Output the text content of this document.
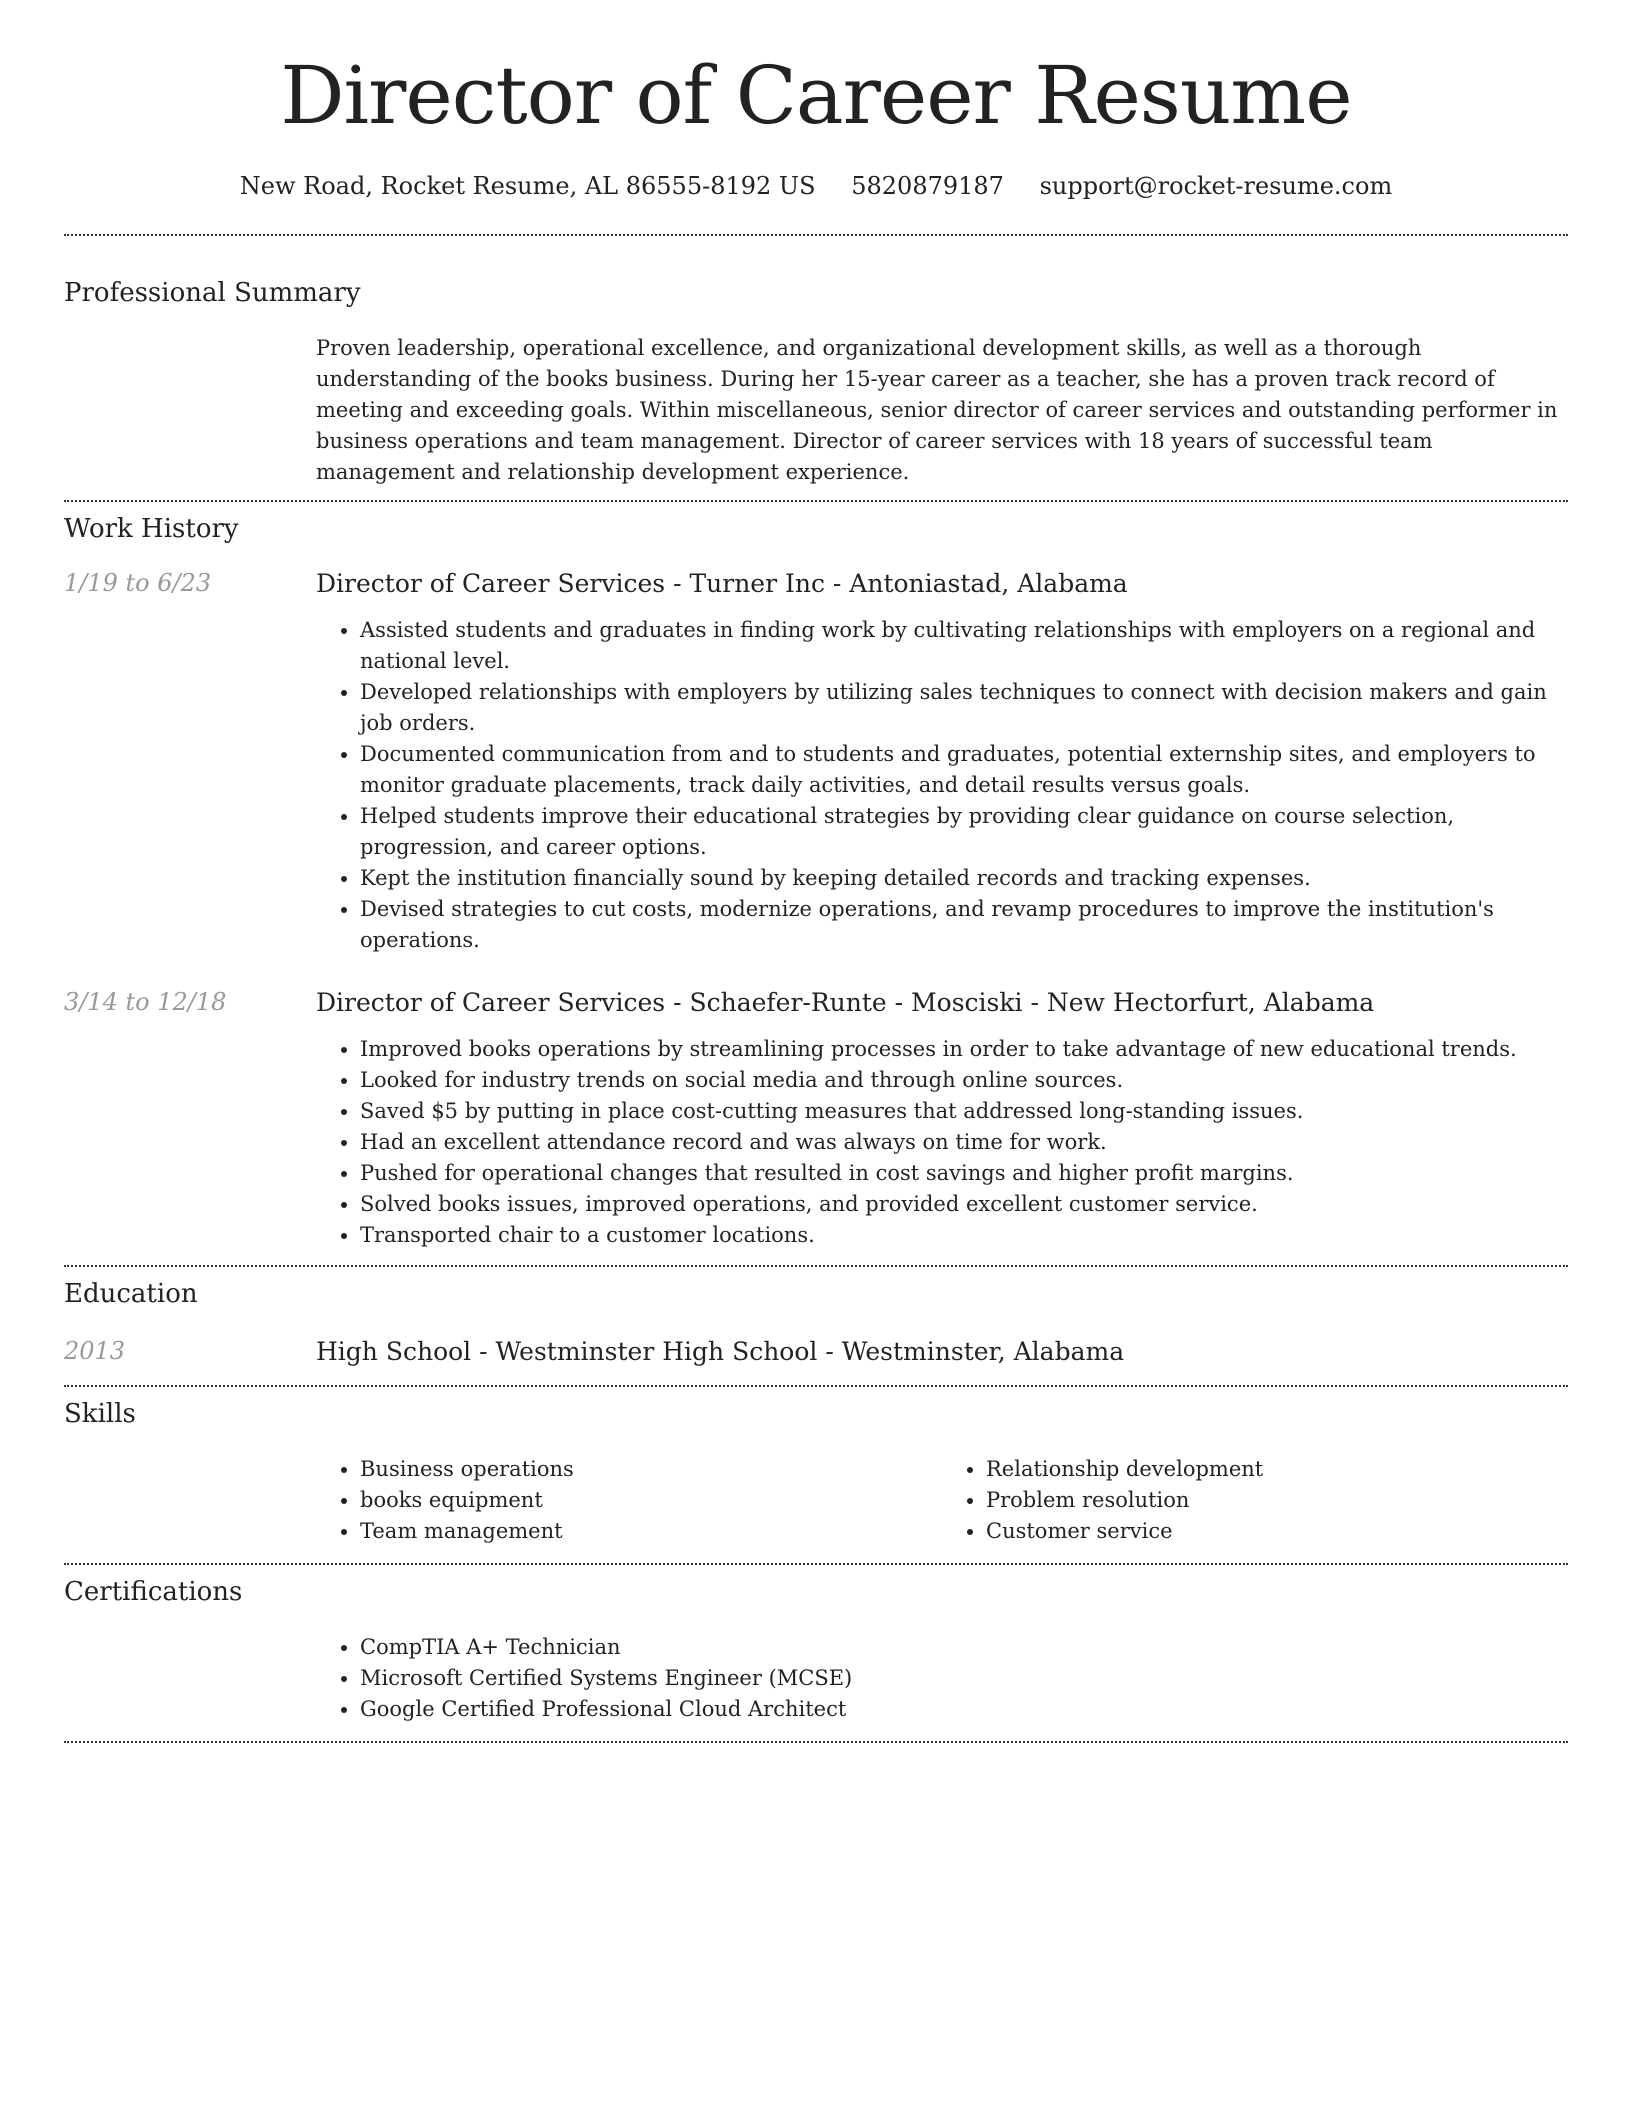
Director of Career Resume
New Road, Rocket Resume, AL 86555-8192 US 5820879187 support@rocket-resume.com
Professional Summary

Proven leadership, operational excellence, and organizational development skills, as well as a thorough understanding of the books business. During her 15-year career as a teacher, she has a proven track record of meeting and exceeding goals. Within miscellaneous, senior director of career services and outstanding performer in business operations and team management. Director of career services with 18 years of successful team management and relationship development experience.

Work History
1/19 to 6/23	Director of Career Services - Turner Inc - Antoniastad, Alabama
• Assisted students and graduates in finding work by cultivating relationships with employers on a regional and national level.
• Developed relationships with employers by utilizing sales techniques to connect with decision makers and gain job orders.
• Documented communication from and to students and graduates, potential externship sites, and employers to monitor graduate placements, track daily activities, and detail results versus goals.
• Helped students improve their educational strategies by providing clear guidance on course selection, progression, and career options.
• Kept the institution financially sound by keeping detailed records and tracking expenses.
• Devised strategies to cut costs, modernize operations, and revamp procedures to improve the institution's operations.
3/14 to 12/18	Director of Career Services - Schaefer-Runte - Mosciski - New Hectorfurt, Alabama
• Improved books operations by streamlining processes in order to take advantage of new educational trends.
• Looked for industry trends on social media and through online sources.
• Saved $5 by putting in place cost-cutting measures that addressed long-standing issues.
• Had an excellent attendance record and was always on time for work.
• Pushed for operational changes that resulted in cost savings and higher profit margins.
• Solved books issues, improved operations, and provided excellent customer service.
• Transported chair to a customer locations.
Education
2013	High School - Westminster High School - Westminster, Alabama
Skills
• Business operations
• books equipment
• Team management
• Relationship development
• Problem resolution
• Customer service
Certifications
• CompTIA A+ Technician
• Microsoft Certified Systems Engineer (MCSE)
• Google Certified Professional Cloud Architect
